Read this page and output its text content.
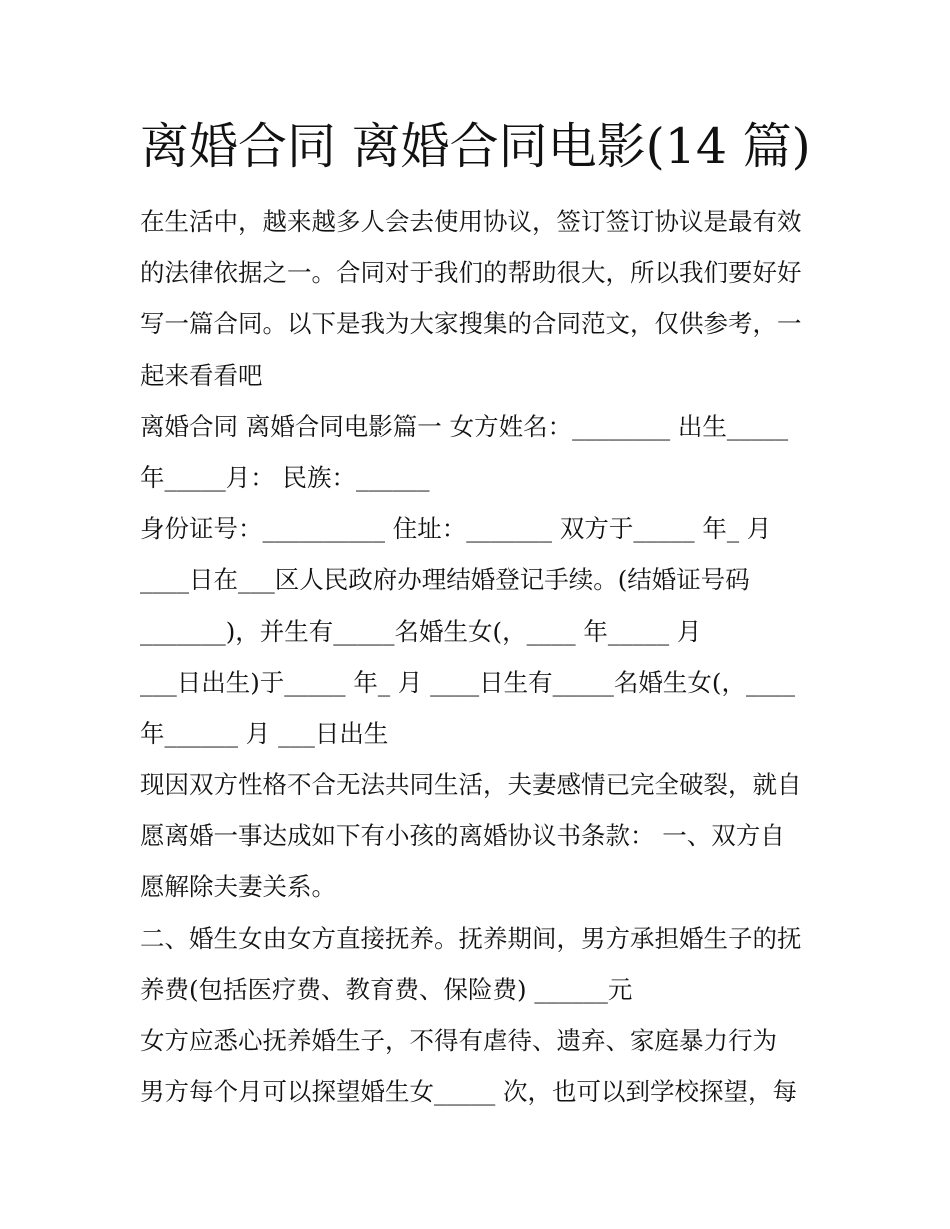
离婚合同 离婚合同电影(14 篇)
在生活中，越来越多人会去使用协议，签订签订协议是最有效
的法律依据之一。合同对于我们的帮助很大，所以我们要好好
写一篇合同。以下是我为大家搜集的合同范文，仅供参考，一
起来看看吧
离婚合同 离婚合同电影篇一 女方姓名：________ 出生_____
年_____月： 民族：______
身份证号：__________ 住址：_______ 双方于_____ 年_ 月
____日在___区人民政府办理结婚登记手续。(结婚证号码
_______)，并生有_____名婚生女(，____ 年_____ 月
___日出生)于_____ 年_ 月 ____日生有_____名婚生女(，____
年______ 月 ___日出生
现因双方性格不合无法共同生活，夫妻感情已完全破裂，就自
愿离婚一事达成如下有小孩的离婚协议书条款： 一、双方自
愿解除夫妻关系。
二、婚生女由女方直接抚养。抚养期间，男方承担婚生子的抚
养费(包括医疗费、教育费、保险费) ______元
女方应悉心抚养婚生子，不得有虐待、遗弃、家庭暴力行为
男方每个月可以探望婚生女_____ 次，也可以到学校探望，每
